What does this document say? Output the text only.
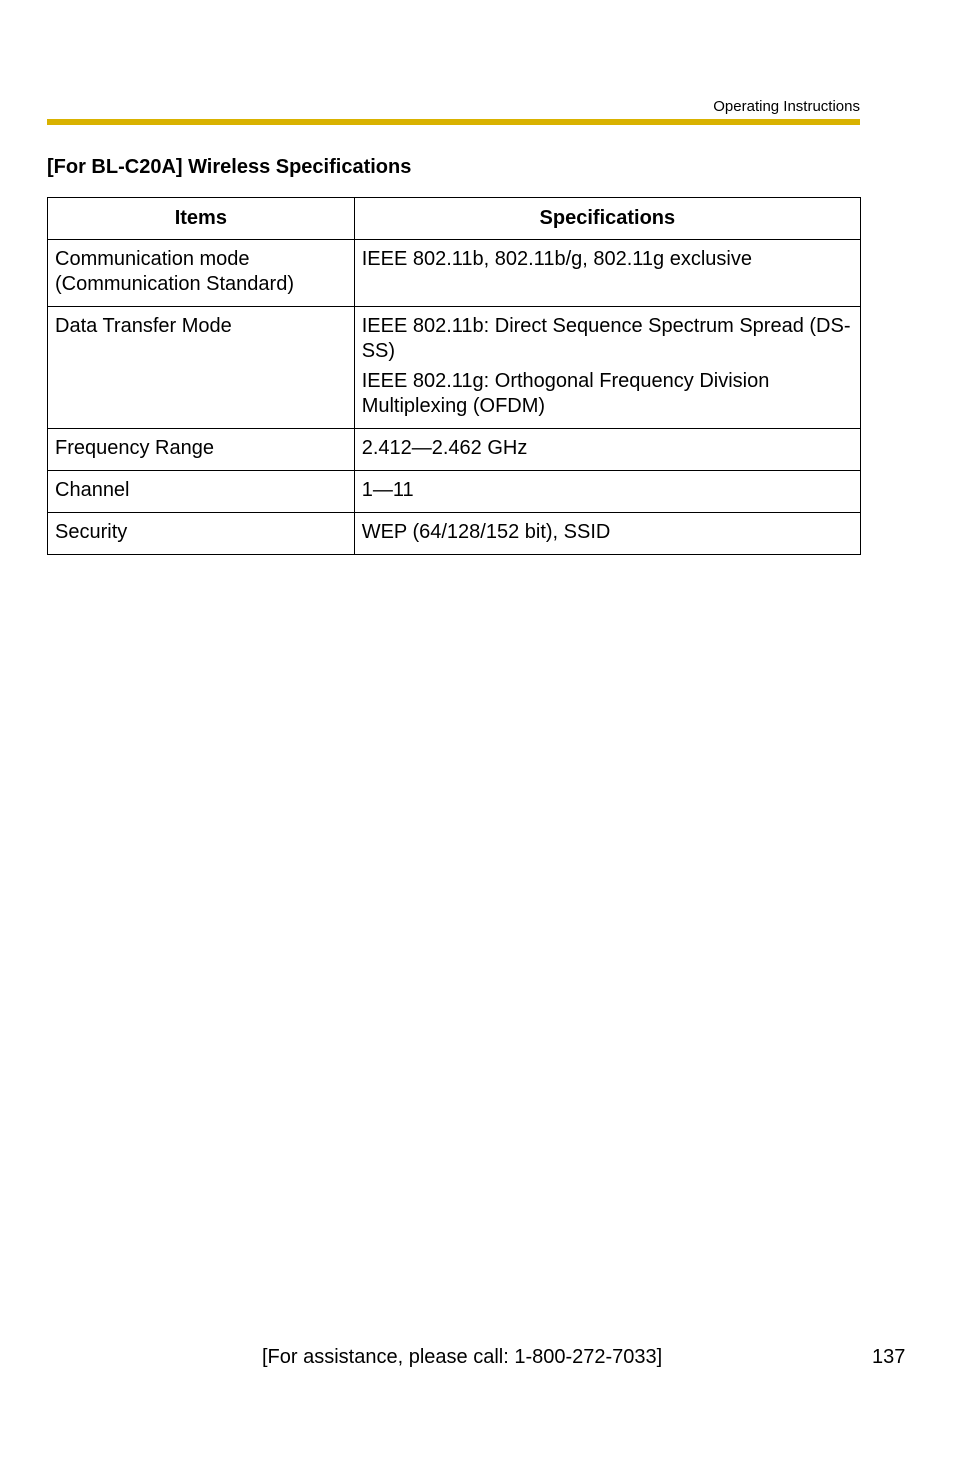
Operating Instructions
[For BL-C20A] Wireless Specifications
Items	Specifications

Communication mode
(Communication Standard)	IEEE 802.11b, 802.11b/g, 802.11g exclusive

Data Transfer Mode	IEEE 802.11b: Direct Sequence Spectrum Spread (DS-SS)
IEEE 802.11g: Orthogonal Frequency Division Multiplexing (OFDM)

Frequency Range	2.412—2.462 GHz

Channel	1—11

Security	WEP (64/128/152 bit), SSID
[For assistance, please call: 1-800-272-7033]	137
